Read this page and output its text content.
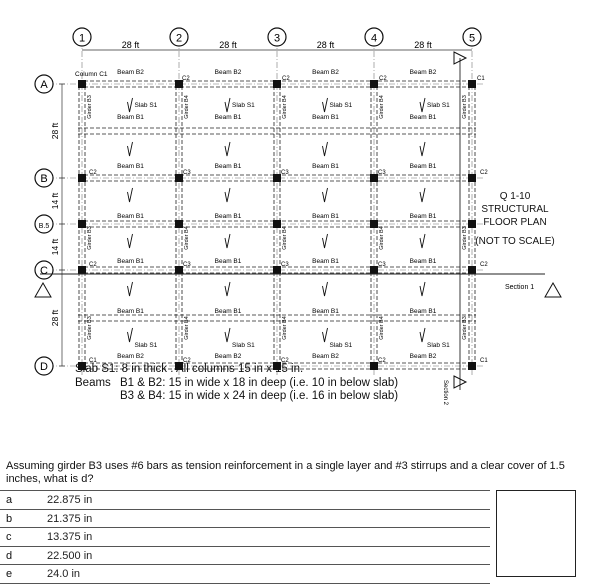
1	2	3	4	5
A
B
B.5
C
D
Column C1 Beam B2
Beam B2
Beam B1
Beam B1
Beam B1
Beam B1
Beam B1
Slab S1
Slab S1
Girder B3
Girder B3
Girder B3
Beam B2
Beam B2
Beam B1
Beam B1
Beam B1
Beam B1
Beam B1
Slab S1
Slab S1
Girder B4
Girder B4
Girder B4
Beam B2
Beam B2
Beam B1
Beam B1
Beam B1
Beam B1
Beam B1
Slab S1
Slab S1
Girder B4
Girder B4
Girder B4
Beam B2
Beam B2
Beam B1
Beam B1
Beam B1
Beam B1
Beam B1
Slab S1
Slab S1
Girder B4
Girder B4
Girder B4
Girder B3
Girder B3
Girder B3
C2	C2	C2	C1
C2	C3	C3	C3	C2
C2	C3	C3	C3	C2
C1	C2	C2	C2	C1
28 ft	28 ft	28 ft	28 ft
28 ft
14 ft
14 ft
28 ft
Section 1
Section 2
Q 1-10
STRUCTURAL
FLOOR PLAN
(NOT TO SCALE)
Slab S1: 8 in thick . All columns 15 in x 15 in.
Beams B1 & B2: 15 in wide x 18 in deep (i.e. 10 in below slab)
B3 & B4: 15 in wide x 24 in deep (i.e. 16 in below slab)
Assuming girder B3 uses #6 bars as tension reinforcement in a single layer and #3 stirrups and a clear cover of 1.5 inches, what is d?
a	22.875 in
b	21.375 in
c	13.375 in
d	22.500 in
e	24.0 in
